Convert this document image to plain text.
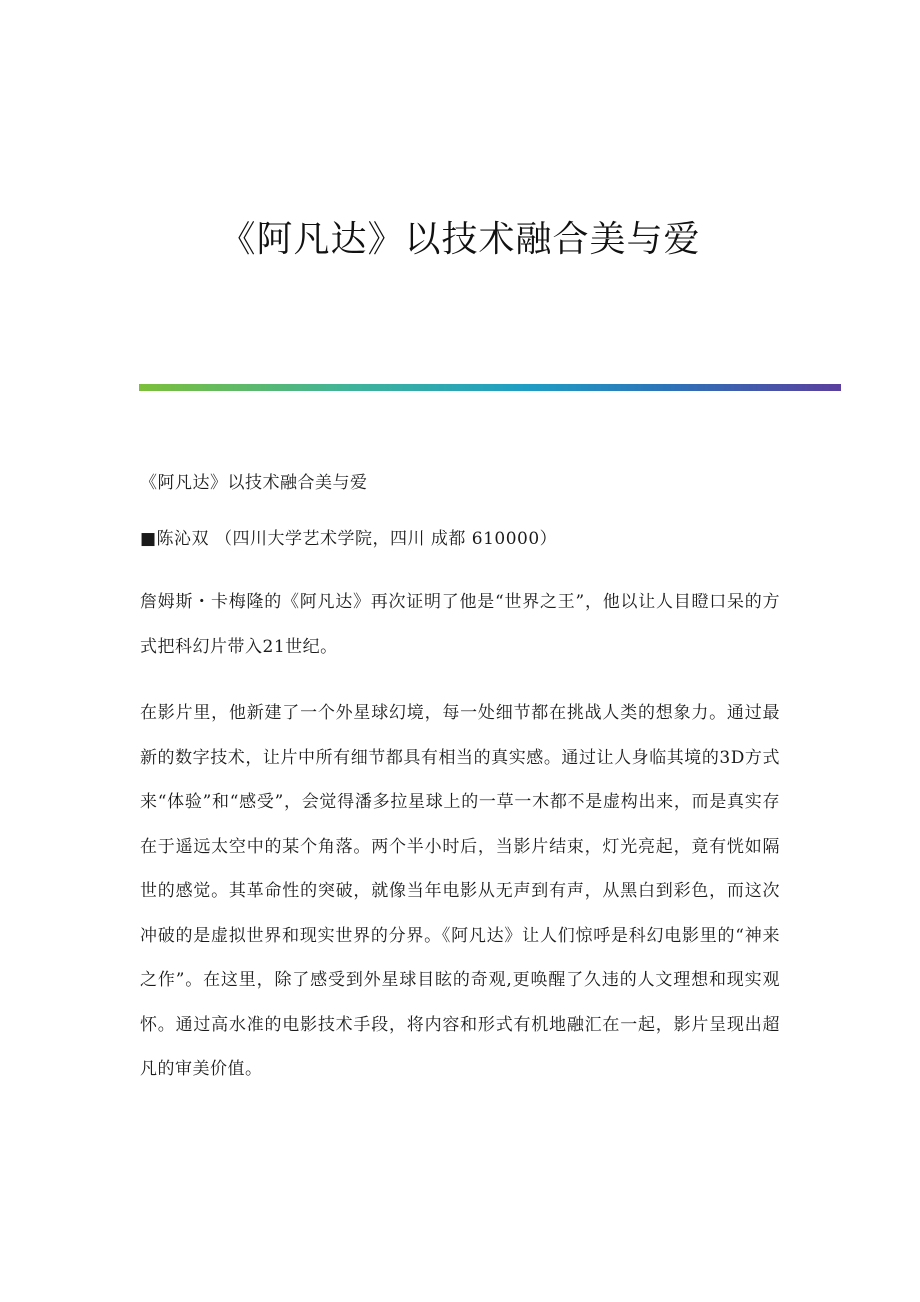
《阿凡达》以技术融合美与爱
《阿凡达》以技术融合美与爱
■陈沁双 （四川大学艺术学院，四川 成都 610000）
詹姆斯・卡梅隆的《阿凡达》再次证明了他是“世界之王”，他以让人目瞪口呆的方式把科幻片带入21世纪。
在影片里，他新建了一个外星球幻境，每一处细节都在挑战人类的想象力。通过最新的数字技术，让片中所有细节都具有相当的真实感。通过让人身临其境的3D方式来“体验”和“感受”，会觉得潘多拉星球上的一草一木都不是虚构出来，而是真实存在于遥远太空中的某个角落。两个半小时后，当影片结束，灯光亮起，竟有恍如隔世的感觉。其革命性的突破，就像当年电影从无声到有声，从黑白到彩色，而这次冲破的是虚拟世界和现实世界的分界。《阿凡达》让人们惊呼是科幻电影里的“神来之作”。在这里，除了感受到外星球目眩的奇观,更唤醒了久违的人文理想和现实观怀。通过高水准的电影技术手段，将内容和形式有机地融汇在一起，影片呈现出超凡的审美价值。
